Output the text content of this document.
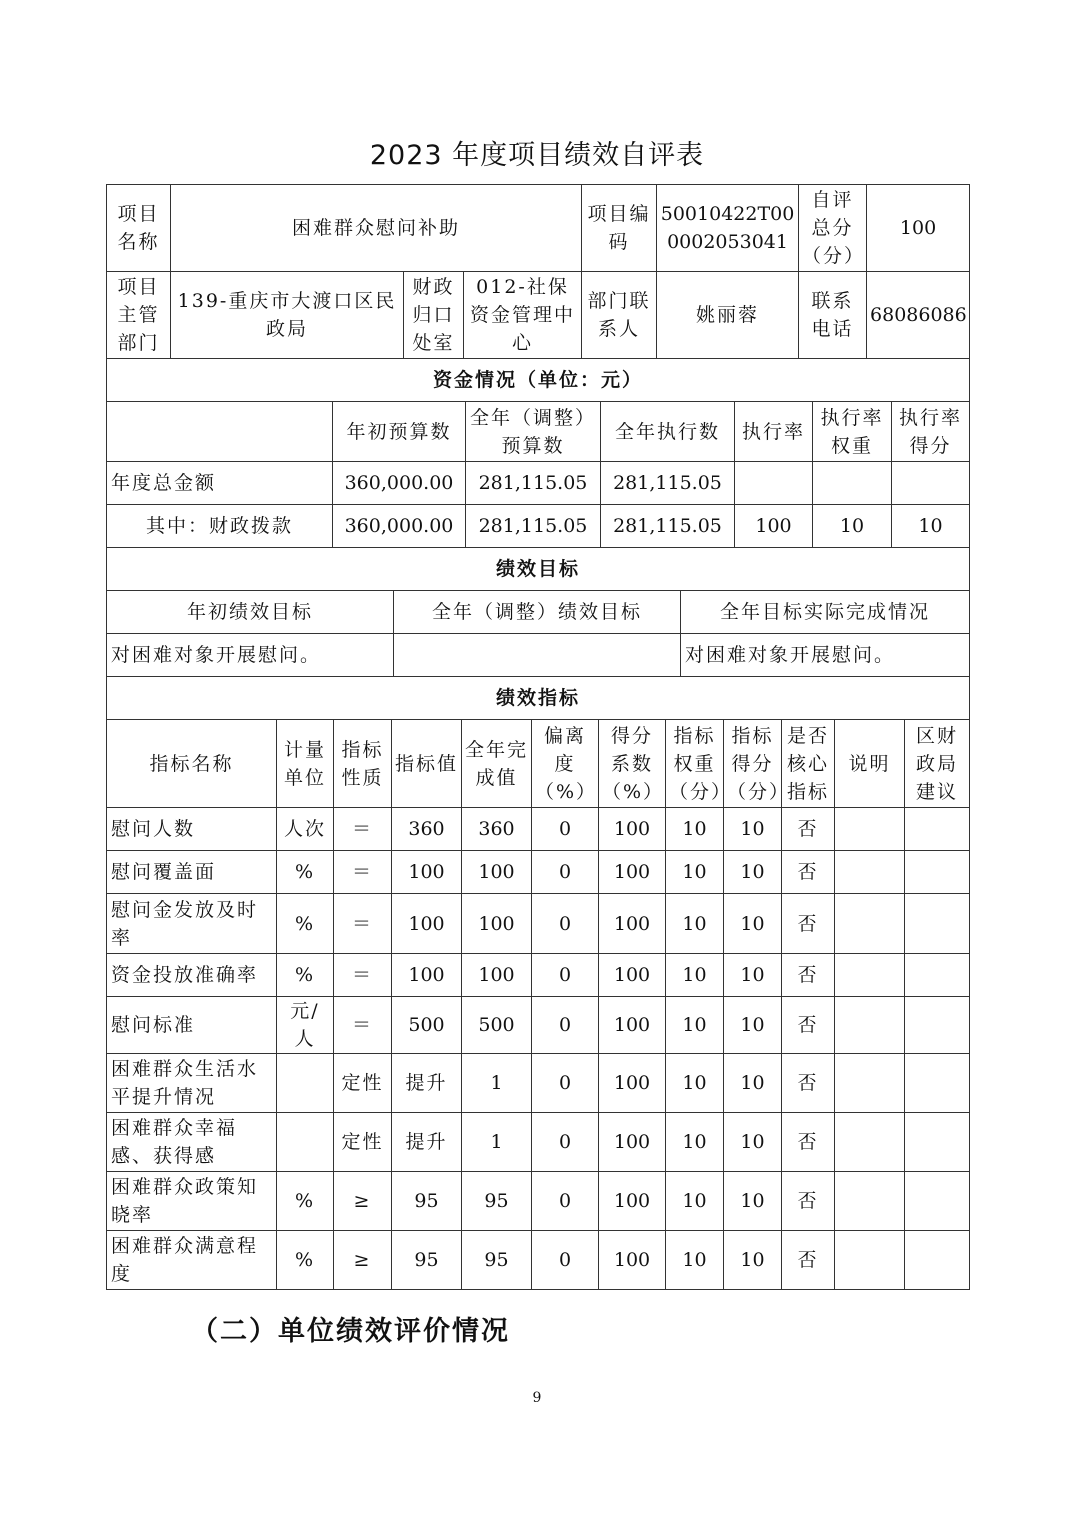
2023 年度项目绩效自评表
项目名称	困难群众慰问补助			项目编码	50010422T000002053041	自评总分（分）	100
项目主管部门	139-重庆市大渡口区民政局	财政归口处室	012-社保资金管理中心	部门联系人	姚丽蓉	联系电话	68086086
资金情况（单位：元）						
	年初预算数	全年（调整）预算数	全年执行数	执行率	执行率权重	执行率得分
年度总金额	360,000.00	281,115.05	281,115.05			
其中：财政拨款	360,000.00	281,115.05	281,115.05	100	10	10
绩效目标		
年初绩效目标	全年（调整）绩效目标	全年目标实际完成情况
对困难对象开展慰问。		对困难对象开展慰问。
绩效指标											
指标名称	计量单位	指标性质	指标值	全年完成值	偏离度（%）	得分系数（%）	指标权重（分）	指标得分（分）	是否核心指标	说明	区财政局建议
慰问人数	人次	＝	360	360	0	100	10	10	否		
慰问覆盖面	%	＝	100	100	0	100	10	10	否		
慰问金发放及时率	%	＝	100	100	0	100	10	10	否		
资金投放准确率	%	＝	100	100	0	100	10	10	否		
慰问标准	元/人	＝	500	500	0	100	10	10	否		
困难群众生活水平提升情况		定性	提升	1	0	100	10	10	否		
困难群众幸福感、获得感		定性	提升	1	0	100	10	10	否		
困难群众政策知晓率	%	≥	95	95	0	100	10	10	否		
困难群众满意程度	%	≥	95	95	0	100	10	10	否		
（二）单位绩效评价情况
9
